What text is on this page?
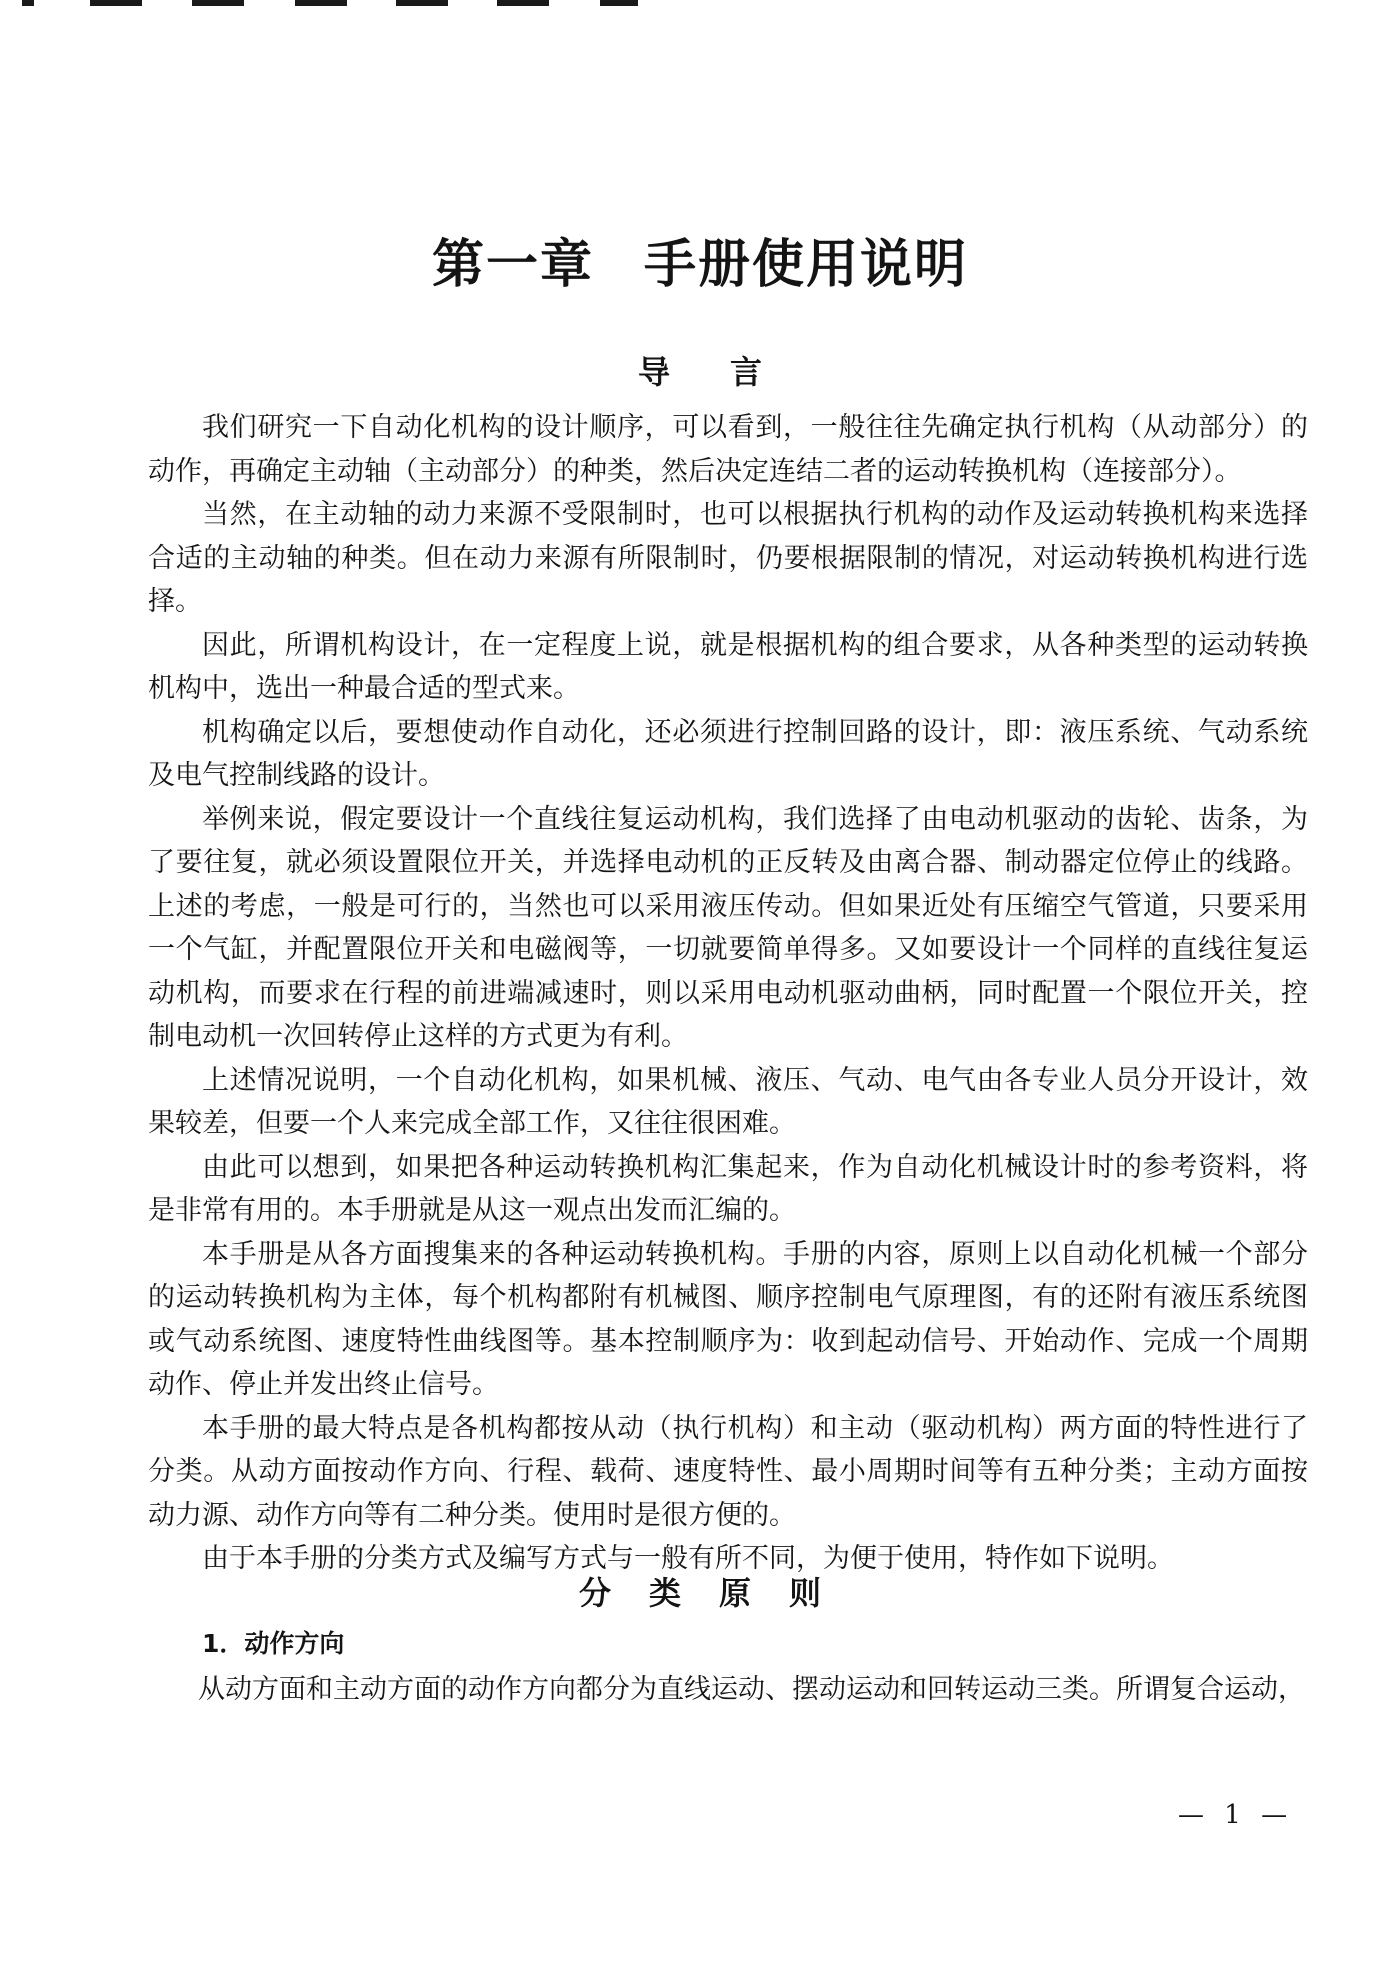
第一章 手册使用说明
导言

我们研究一下自动化机构的设计顺序，可以看到，一般往往先确定执行机构（从动部分）的动作，再确定主动轴（主动部分）的种类，然后决定连结二者的运动转换机构（连接部分）。

当然，在主动轴的动力来源不受限制时，也可以根据执行机构的动作及运动转换机构来选择合适的主动轴的种类。但在动力来源有所限制时，仍要根据限制的情况，对运动转换机构进行选择。

因此，所谓机构设计，在一定程度上说，就是根据机构的组合要求，从各种类型的运动转换机构中，选出一种最合适的型式来。

机构确定以后，要想使动作自动化，还必须进行控制回路的设计，即：液压系统、气动系统及电气控制线路的设计。

举例来说，假定要设计一个直线往复运动机构，我们选择了由电动机驱动的齿轮、齿条，为了要往复，就必须设置限位开关，并选择电动机的正反转及由离合器、制动器定位停止的线路。上述的考虑，一般是可行的，当然也可以采用液压传动。但如果近处有压缩空气管道，只要采用一个气缸，并配置限位开关和电磁阀等，一切就要简单得多。又如要设计一个同样的直线往复运动机构，而要求在行程的前进端减速时，则以采用电动机驱动曲柄，同时配置一个限位开关，控制电动机一次回转停止这样的方式更为有利。

上述情况说明，一个自动化机构，如果机械、液压、气动、电气由各专业人员分开设计，效果较差，但要一个人来完成全部工作，又往往很困难。

由此可以想到，如果把各种运动转换机构汇集起来，作为自动化机械设计时的参考资料，将是非常有用的。本手册就是从这一观点出发而汇编的。

本手册是从各方面搜集来的各种运动转换机构。手册的内容，原则上以自动化机械一个部分的运动转换机构为主体，每个机构都附有机械图、顺序控制电气原理图，有的还附有液压系统图或气动系统图、速度特性曲线图等。基本控制顺序为：收到起动信号、开始动作、完成一个周期动作、停止并发出终止信号。

本手册的最大特点是各机构都按从动（执行机构）和主动（驱动机构）两方面的特性进行了分类。从动方面按动作方向、行程、载荷、速度特性、最小周期时间等有五种分类；主动方面按动力源、动作方向等有二种分类。使用时是很方便的。

由于本手册的分类方式及编写方式与一般有所不同，为便于使用，特作如下说明。

分类原则
1．动作方向

从动方面和主动方面的动作方向都分为直线运动、摆动运动和回转运动三类。所谓复合运动，

— 1 —
